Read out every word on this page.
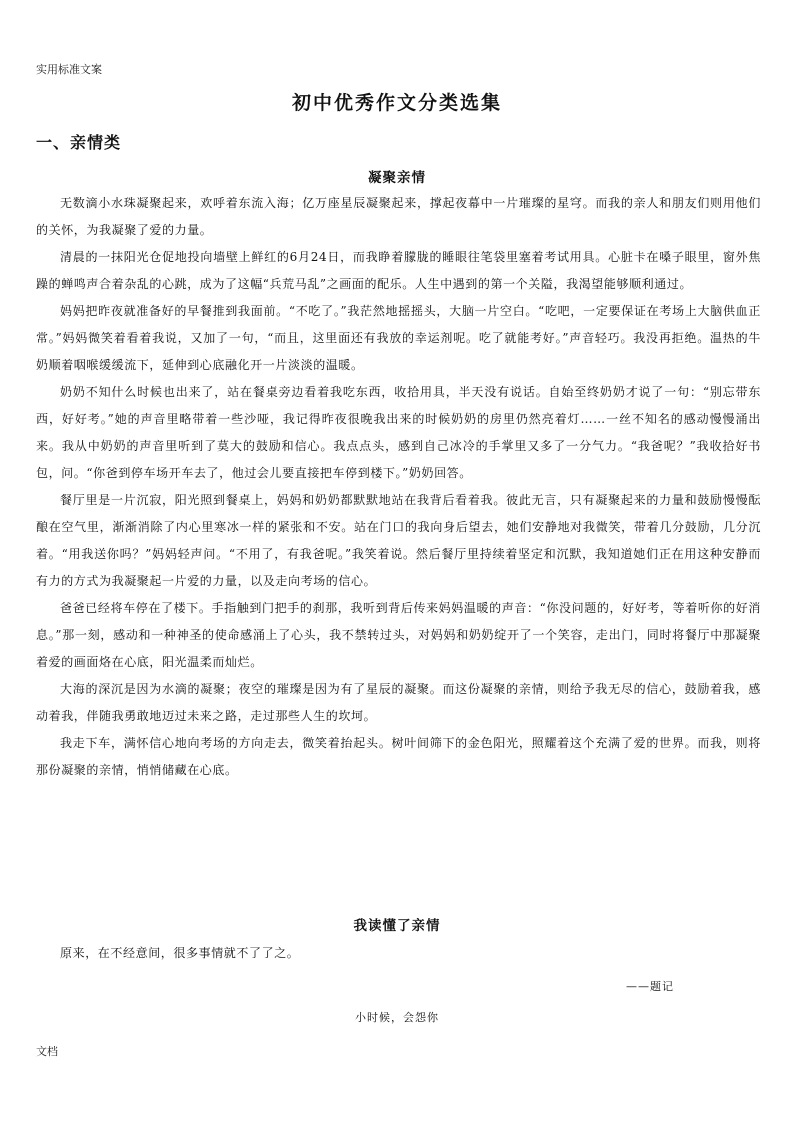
实用标准文案
初中优秀作文分类选集
一、亲情类
凝聚亲情

无数滴小水珠凝聚起来，欢呼着东流入海；亿万座星辰凝聚起来，撑起夜幕中一片璀璨的星穹。而我的亲人和朋友们则用他们的关怀，为我凝聚了爱的力量。

清晨的一抹阳光仓促地投向墙壁上鲜红的6月24日，而我睁着朦胧的睡眼往笔袋里塞着考试用具。心脏卡在嗓子眼里，窗外焦躁的蝉鸣声合着杂乱的心跳，成为了这幅“兵荒马乱”之画面的配乐。人生中遇到的第一个关隘，我渴望能够顺利通过。

妈妈把昨夜就准备好的早餐推到我面前。“不吃了。”我茫然地摇摇头，大脑一片空白。“吃吧，一定要保证在考场上大脑供血正常。”妈妈微笑着看着我说，又加了一句，“而且，这里面还有我放的幸运剂呢。吃了就能考好。”声音轻巧。我没再拒绝。温热的牛奶顺着咽喉缓缓流下，延伸到心底融化开一片淡淡的温暖。

奶奶不知什么时候也出来了，站在餐桌旁边看着我吃东西，收拾用具，半天没有说话。自始至终奶奶才说了一句：“别忘带东西，好好考。”她的声音里略带着一些沙哑，我记得昨夜很晚我出来的时候奶奶的房里仍然亮着灯……一丝不知名的感动慢慢涌出来。我从中奶奶的声音里听到了莫大的鼓励和信心。我点点头，感到自己冰冷的手掌里又多了一分气力。“我爸呢？”我收拾好书包，问。“你爸到停车场开车去了，他过会儿要直接把车停到楼下。”奶奶回答。

餐厅里是一片沉寂，阳光照到餐桌上，妈妈和奶奶都默默地站在我背后看着我。彼此无言，只有凝聚起来的力量和鼓励慢慢酝酿在空气里，渐渐消除了内心里寒冰一样的紧张和不安。站在门口的我向身后望去，她们安静地对我微笑，带着几分鼓励，几分沉着。“用我送你吗？”妈妈轻声问。“不用了，有我爸呢。”我笑着说。然后餐厅里持续着坚定和沉默，我知道她们正在用这种安静而有力的方式为我凝聚起一片爱的力量，以及走向考场的信心。

爸爸已经将车停在了楼下。手指触到门把手的刹那，我听到背后传来妈妈温暖的声音：“你没问题的，好好考，等着听你的好消息。”那一刻，感动和一种神圣的使命感涌上了心头，我不禁转过头，对妈妈和奶奶绽开了一个笑容，走出门，同时将餐厅中那凝聚着爱的画面烙在心底，阳光温柔而灿烂。

大海的深沉是因为水滴的凝聚；夜空的璀璨是因为有了星辰的凝聚。而这份凝聚的亲情，则给予我无尽的信心，鼓励着我，感动着我，伴随我勇敢地迈过未来之路，走过那些人生的坎坷。

我走下车，满怀信心地向考场的方向走去，微笑着抬起头。树叶间筛下的金色阳光，照耀着这个充满了爱的世界。而我，则将那份凝聚的亲情，悄悄储藏在心底。

我读懂了亲情

原来，在不经意间，很多事情就不了了之。

——题记
小时候，会怨你
文档
